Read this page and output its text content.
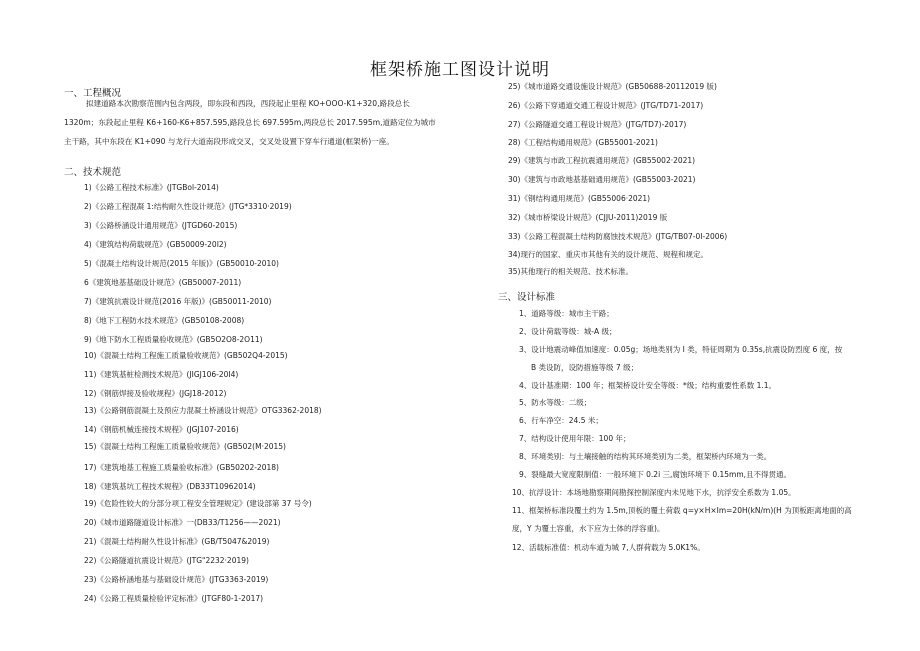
框架桥施工图设计说明
一、工程概况
拟建道路本次勘察范围内包含两段，即东段和西段，西段起止里程 KO+OOO-K1+320,路段总长
1320m；东段起止里程 K6+160-K6+857.595,路段总长 697.595m,两段总长 2017.595m,道路定位为城市
主干路，其中东段在 K1+090 与龙行大道南段形成交叉，交叉处设置下穿车行通道(框架桥)一座。
二、技术规范
1)《公路工程技术标准》(JTGBol-2014)
2)《公路工程混凝 1:结构耐久性设计规范》(JTG*3310·2019)
3)《公路桥涵设计通用规范》(JTGD60-2015)
4)《建筑结构荷载规范》(GB50009-20I2)
5)《混凝土结构设计规范(2015 年版)》(GB50010-2010)
6《建筑地基基础设计规范》(GB50007-2011)
7)《建筑抗震设计规范(2016 年版)》(GB50011-2010)
8)《地下工程防水技术规范》(GB50108-2008)
9)《地下防水工程质量验收规范》(GB5O2O8-2O11)
10)《混凝土结构工程施工质量验收规范》(GB502Q4-2015)
11)《建筑基桩检测技术规范》(JIGJ106-20I4)
12)《钢筋焊接及验收规程》(JGJ18-2012)
13)《公路钢筋混凝土及预应力混凝土桥涵设计规范》OTG3362-2018)
14)《钢筋机械连接技术规程》(JGJ107-2016)
15)《混凝土结构工程施工质量验收规范》(GB502(M·2015)
17)《建筑地基工程施工质量验收标准》(GB50202-2018)
18)《建筑基坑工程技术规程》(DB33T10962014)
19)《危险性较大的分部分项工程安全管理规定》(建设部第 37 号令)
20)《城市道路隧道设计标准》一(DB33/T1256——2021)
21)《混凝土结构耐久性设计标准》(GB/T5047&2019)
22)《公路隧道抗震设计规范》(JTG"2232·2019)
23)《公路桥涵地基与基础设计规范》(JTG3363-2019)
24)《公路工程质量检验评定标准》(JTGF80-1-2017)
25)《城市道路交通设施设计规范》(GB50688-20112019 版)
26)《公路下穿通道交通工程设计规范》(JTG/TD71-2017)
27)《公路隧道交通工程设计规范》(JTG/TD7)-2017)
28)《工程结构通用规范》(GB55001-2021)
29)《建筑与市政工程抗震通用规范》(GB55002·2021)
30)《建筑与市政地基基础通用规范》(GB55003-2021)
31)《钢结构通用规范》(GB55006·2021)
32)《城市桥梁设计规范》(CJJU-2011)2019 版
33)《公路工程混凝土结构防腐蚀技术规范》(JTG/TB07-0I-2006)
34)现行的国家、重庆市其他有关的设计规范、规程和规定。
35)其他现行的相关规范、技术标准。
三、设计标准
1、道路等级：城市主干路；
2、设计荷载等级：城-A 级；
3、设计地震动峰值加速度：0.05g；场地类别为 I 类，特征周期为 0.35s,抗震设防烈度 6 度，按
B 类设防，设防措施等级 7 级；
4、设计基准期：100 年；框架桥设计安全等级：*级；结构重要性系数 1.1。
5、防水等级：二级；
6、行车净空：24.5 米；
7、结构设计使用年限：100 年；
8、环境类别：与土壤接触的结构其环境类别为二类，框架桥内环境为一类。
9、裂缝最大宽度限制值：一般环境下 0.2i 三,腐蚀环境下 0.15mm,且不得贯通。
10、抗浮设计：本场地勘察期间勘探控制深度内未见地下水，抗浮安全系数为 1.05。
11、框架桥标准段覆土约为 1.5m,顶板的覆土荷载 q=y×H×Im=20H(kN/m)(H 为顶板距离地面的高
度，Y 为覆土容重，水下应为土体的浮容重)。
12、活载标准值：机动车道为城 7,人群荷载为 5.0K1%。
